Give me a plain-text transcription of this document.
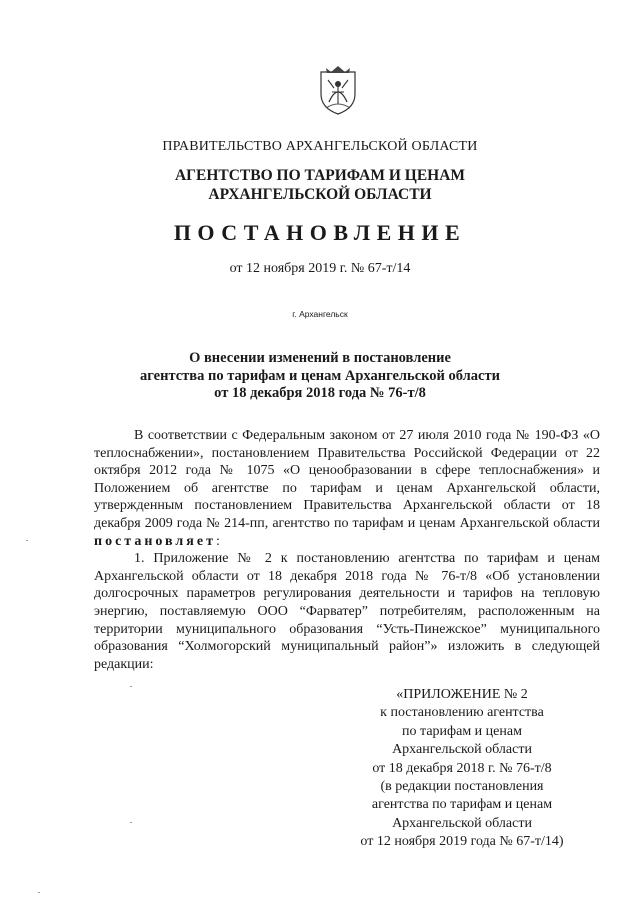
ПРАВИТЕЛЬСТВО АРХАНГЕЛЬСКОЙ ОБЛАСТИ
АГЕНТСТВО ПО ТАРИФАМ И ЦЕНАМ
АРХАНГЕЛЬСКОЙ ОБЛАСТИ
ПОСТАНОВЛЕНИЕ
от 12 ноября 2019 г. № 67-т/14
г. Архангельск
О внесении изменений в постановление
агентства по тарифам и ценам Архангельской области
от 18 декабря 2018 года № 76-т/8

В соответствии с Федеральным законом от 27 июля 2010 года № 190-ФЗ «О теплоснабжении», постановлением Правительства Российской Федерации от 22 октября 2012 года № 1075 «О ценообразовании в сфере теплоснабжения» и Положением об агентстве по тарифам и ценам Архангельской области, утвержденным постановлением Правительства Архангельской области от 18 декабря 2009 года № 214-пп, агентство по тарифам и ценам Архангельской области постановляет:

1. Приложение № 2 к постановлению агентства по тарифам и ценам Архангельской области от 18 декабря 2018 года № 76-т/8 «Об установлении долгосрочных параметров регулирования деятельности и тарифов на тепловую энергию, поставляемую ООО “Фарватер” потребителям, расположенным на территории муниципального образования “Усть-Пинежское” муниципального образования “Холмогорский муниципальный район”» изложить в следующей редакции:

«ПРИЛОЖЕНИЕ № 2
к постановлению агентства
по тарифам и ценам
Архангельской области
от 18 декабря 2018 г. № 76-т/8
(в редакции постановления
агентства по тарифам и ценам
Архангельской области
от 12 ноября 2019 года № 67-т/14)
